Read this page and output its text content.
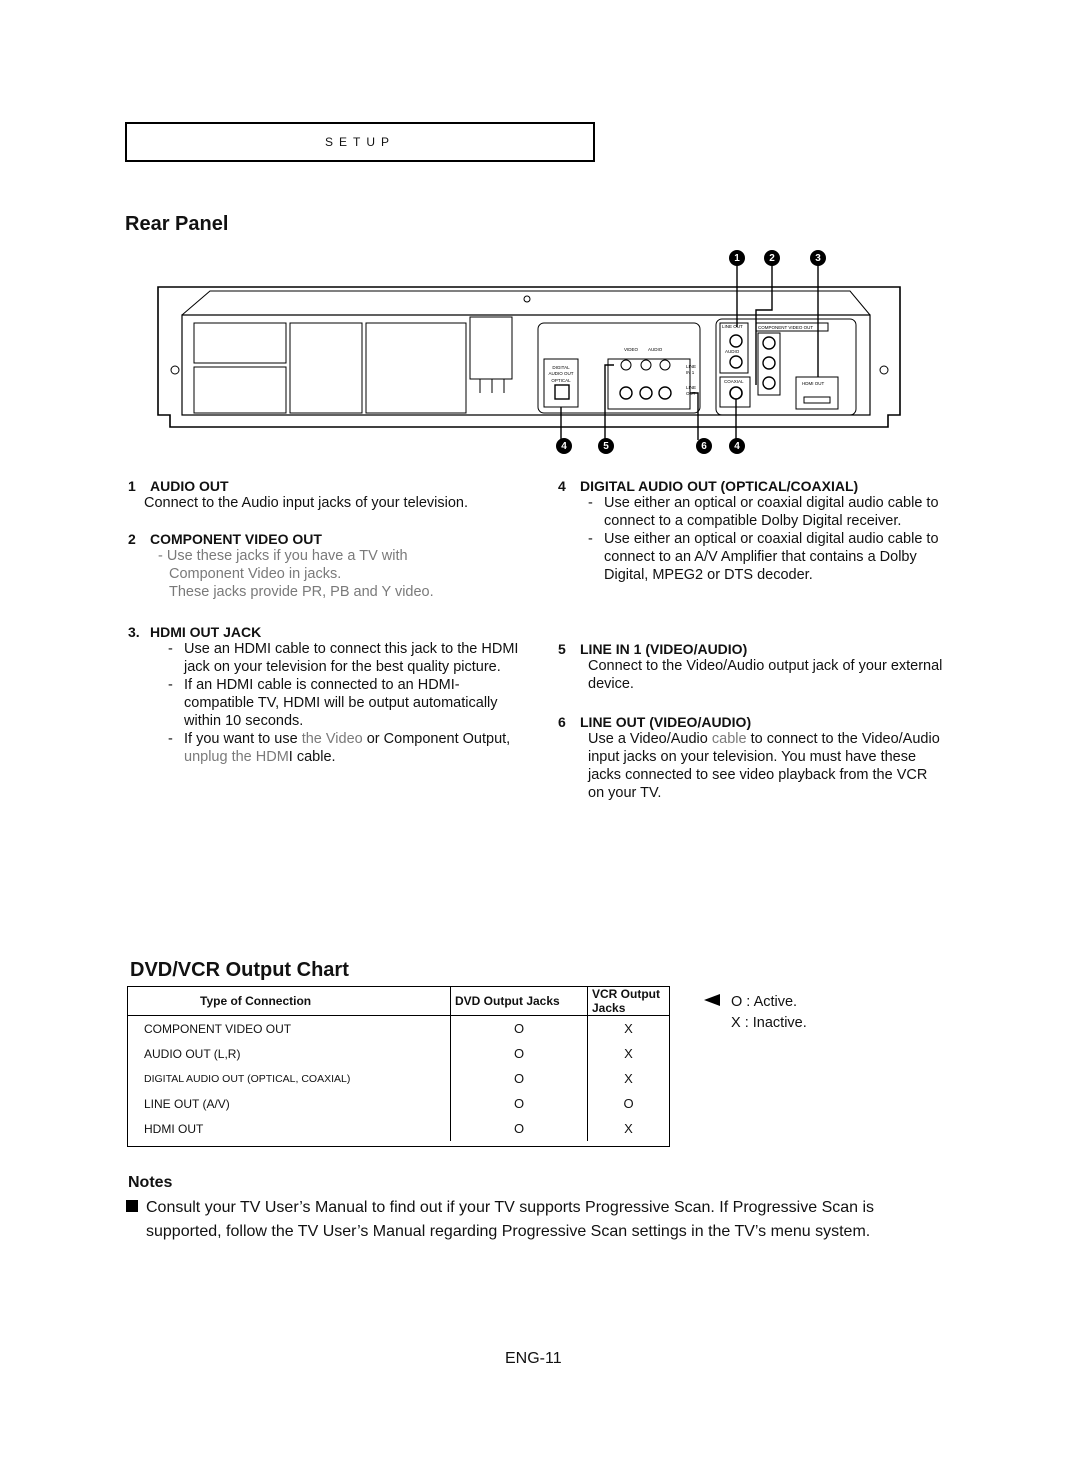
SETUP
Rear Panel
1	2	3
DIGITAL
AUDIO OUT
OPTICAL
VIDEO AUDIO
LINE
IN 1
LINE
OUT
LINE OUT
AUDIO
COMPONENT VIDEO OUT
COAXIAL	HDMI OUT
4	5	6	4
1 AUDIO OUT
Connect to the Audio input jacks of your television.
2 COMPONENT VIDEO OUT
- Use these jacks if you have a TV with
Component Video in jacks.
These jacks provide PR, PB and Y video.
3. HDMI OUT JACK
- Use an HDMI cable to connect this jack to the HDMI jack on your television for the best quality picture.
- If an HDMI cable is connected to an HDMI-compatible TV, HDMI will be output automatically within 10 seconds.
- If you want to use the Video or Component Output, unplug the HDMI cable.
4 DIGITAL AUDIO OUT (OPTICAL/COAXIAL)
- Use either an optical or coaxial digital audio cable to connect to a compatible Dolby Digital receiver.
- Use either an optical or coaxial digital audio cable to connect to an A/V Amplifier that contains a Dolby Digital, MPEG2 or DTS decoder.
5 LINE IN 1 (VIDEO/AUDIO)
Connect to the Video/Audio output jack of your external device.
6 LINE OUT (VIDEO/AUDIO)
Use a Video/Audio cable to connect to the Video/Audio input jacks on your television. You must have these jacks connected to see video playback from the VCR on your TV.
DVD/VCR Output Chart
Type of Connection	DVD Output Jacks	VCR Output Jacks
COMPONENT VIDEO OUT	O	X
AUDIO OUT (L,R)	O	X
DIGITAL AUDIO OUT (OPTICAL, COAXIAL)	O	X
LINE OUT (A/V)	O	O
HDMI OUT	O	X
O : Active.
X : Inactive.
Notes
Consult your TV User’s Manual to find out if your TV supports Progressive Scan. If Progressive Scan is supported, follow the TV User’s Manual regarding Progressive Scan settings in the TV’s menu system.
ENG-11
